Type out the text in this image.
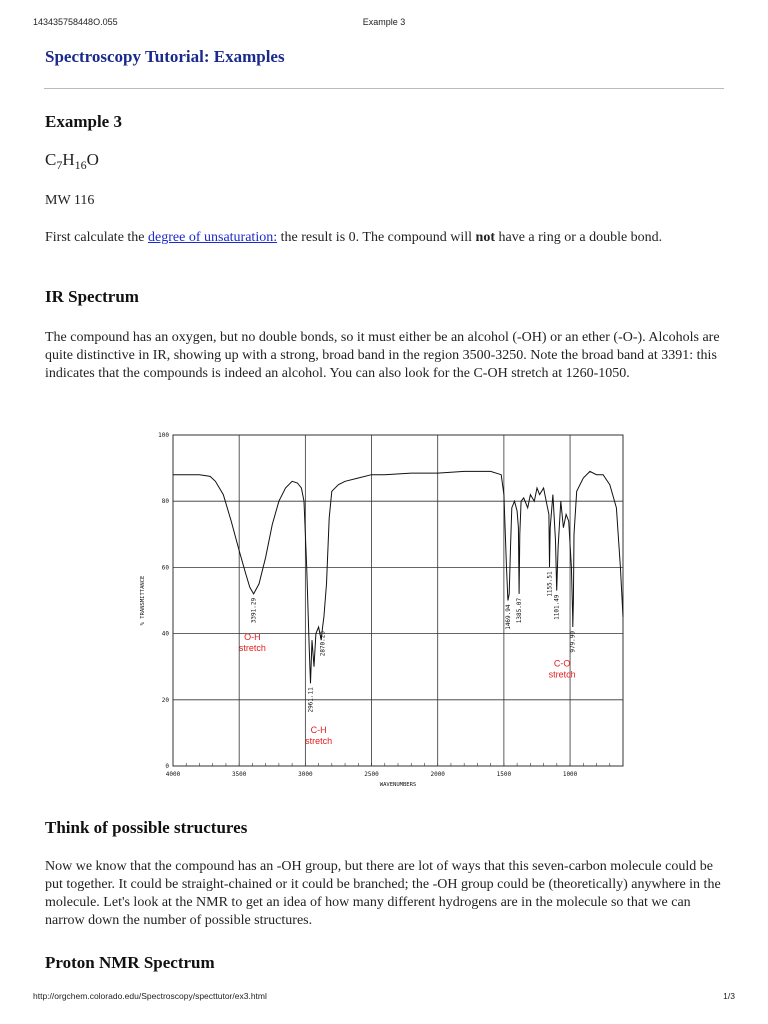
143435758448O.055	Example 3
Spectroscopy Tutorial: Examples
Example 3
$C_7H_{16}O$

MW 116

First calculate the degree of unsaturation: the result is 0. The compound will not have a ring or a double bond.

IR Spectrum

The compound has an oxygen, but no double bonds, so it must either be an alcohol (-OH) or an ether (-O-). Alcohols are quite distinctive in IR, showing up with a strong, broad band in the region 3500-3250. Note the broad band at 3391: this indicates that the compounds is indeed an alcohol. You can also look for the C-OH stretch at 1260-1050.

0
20
40
60
80
100
4000	3500	3000	2500	2000	1500	1000
WAVENUMBERS
% TRANSMITTANCE	3391.29
2961.11
2870.23
1469.94 1385.07
1155.51
1101.49
979.90
O-H
stretch
C-H
stretch
C-O
stretch
Think of possible structures

Now we know that the compound has an -OH group, but there are lot of ways that this seven-carbon molecule could be put together. It could be straight-chained or it could be branched; the -OH group could be (theoretically) anywhere in the molecule. Let's look at the NMR to get an idea of how many different hydrogens are in the molecule so that we can narrow down the number of possible structures.

Proton NMR Spectrum
http://orgchem.colorado.edu/Spectroscopy/specttutor/ex3.html	1/3
